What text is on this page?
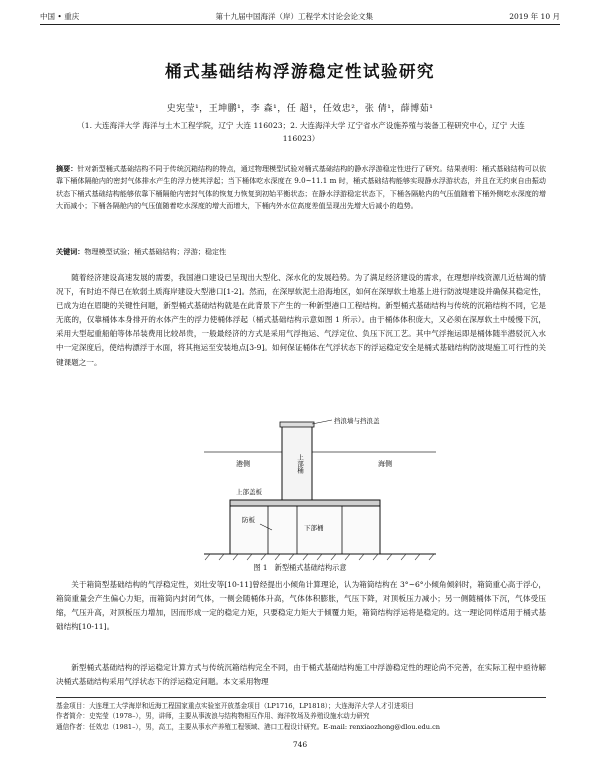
中国 • 重庆	第十九届中国海洋（岸）工程学术讨论会论文集	2019 年 10 月
桶式基础结构浮游稳定性试验研究
史宪莹¹，王坤鹏¹，李 森¹，任 超¹，任效忠²，张 倩¹，薛博茹¹
（1. 大连海洋大学 海洋与土木工程学院，辽宁 大连 116023；2. 大连海洋大学 辽宁省水产设施养殖与装备工程研究中心，辽宁 大连 116023）
摘要：针对新型桶式基础结构不同于传统沉箱结构的特点，通过物理模型试验对桶式基础结构的静水浮游稳定性进行了研究。结果表明：桶式基础结构可以依靠下桶体隔舱内的密封气体排水产生的浮力使其浮起；当下桶体吃水深度在 9.0~11.1 m 时，桶式基础结构能够实现静水浮游状态，并且在无约束自由振动状态下桶式基础结构能够依靠下桶隔舱内密封气体的恢复力恢复到初始平衡状态；在静水浮游稳定状态下，下桶各隔舱内的气压值随着下桶外侧吃水深度的增大而减小；下桶各隔舱内的气压值随着吃水深度的增大而增大，下桶内外水位高度差值呈现出先增大后减小的趋势。
关键词：物理模型试验；桶式基础结构；浮游；稳定性

随着经济建设高速发展的需要，我国港口建设已呈现出大型化、深水化的发展趋势。为了满足经济建设的需求，在理想岸线资源几近枯竭的情况下，有时迫不得已在软弱土质海岸建设大型港口[1-2]。然而，在深厚软泥土沿海地区，如何在深厚软土地基上进行防波堤建设并确保其稳定性，已成为迫在眉睫的关键性问题，新型桶式基础结构就是在此背景下产生的一种新型港口工程结构。新型桶式基础结构与传统的沉箱结构不同，它是无底的，仅靠桶体本身排开的水体产生的浮力使桶体浮起（桶式基础结构示意如图 1 所示）。由于桶体体积庞大，又必须在深厚软土中缓慢下沉，采用大型起重船舶等体吊装费用比较昂贵，一般最经济的方式是采用气浮拖运、气浮定位、负压下沉工艺。其中气浮拖运即是桶体随半潜驳沉入水中一定深度后，使结构漂浮于水面，将其拖运至安装地点[3-9]。如何保证桶体在气浮状态下的浮运稳定安全是桶式基础结构防波堤施工可行性的关键课题之一。

挡浪墙与挡浪盖
港侧	海侧
上部桶
上部盖板
防板
下部桶
图 1　新型桶式基础结构示意

关于箱筒型基础结构的气浮稳定性，刘壮安等[10-11]曾经提出小倾角计算理论，认为箱筒结构在 3°~6°小倾角倾斜时，箱筒重心高于浮心，箱筒重量会产生偏心力矩，而箱筒内封闭气体，一侧会随桶体升高，气体体积膨胀，气压下降，对顶板压力减小；另一侧随桶体下沉，气体受压缩，气压升高，对顶板压力增加，因而形成一定的稳定力矩，只要稳定力矩大于倾覆力矩，箱筒结构浮运将是稳定的。这一理论同样适用于桶式基础结构[10-11]。

新型桶式基础结构的浮运稳定计算方式与传统沉箱结构完全不同，由于桶式基础结构施工中浮游稳定性的理论尚不完善，在实际工程中亟待解决桶式基础结构采用气浮状态下的浮运稳定问题。本文采用物理

基金项目：大连理工大学海岸和近海工程国家重点实验室开放基金项目（LP1716，LP1818）；大连海洋大学人才引进项目
作者简介：史宪莹（1978–），男，讲师，主要从事波浪与结构物相互作用、海洋牧场及养殖设施水动力研究
通信作者：任效忠（1981–），男，高工，主要从事水产养殖工程领域、港口工程设计研究。E-mail: renxiaozhong@dlou.edu.cn
746
